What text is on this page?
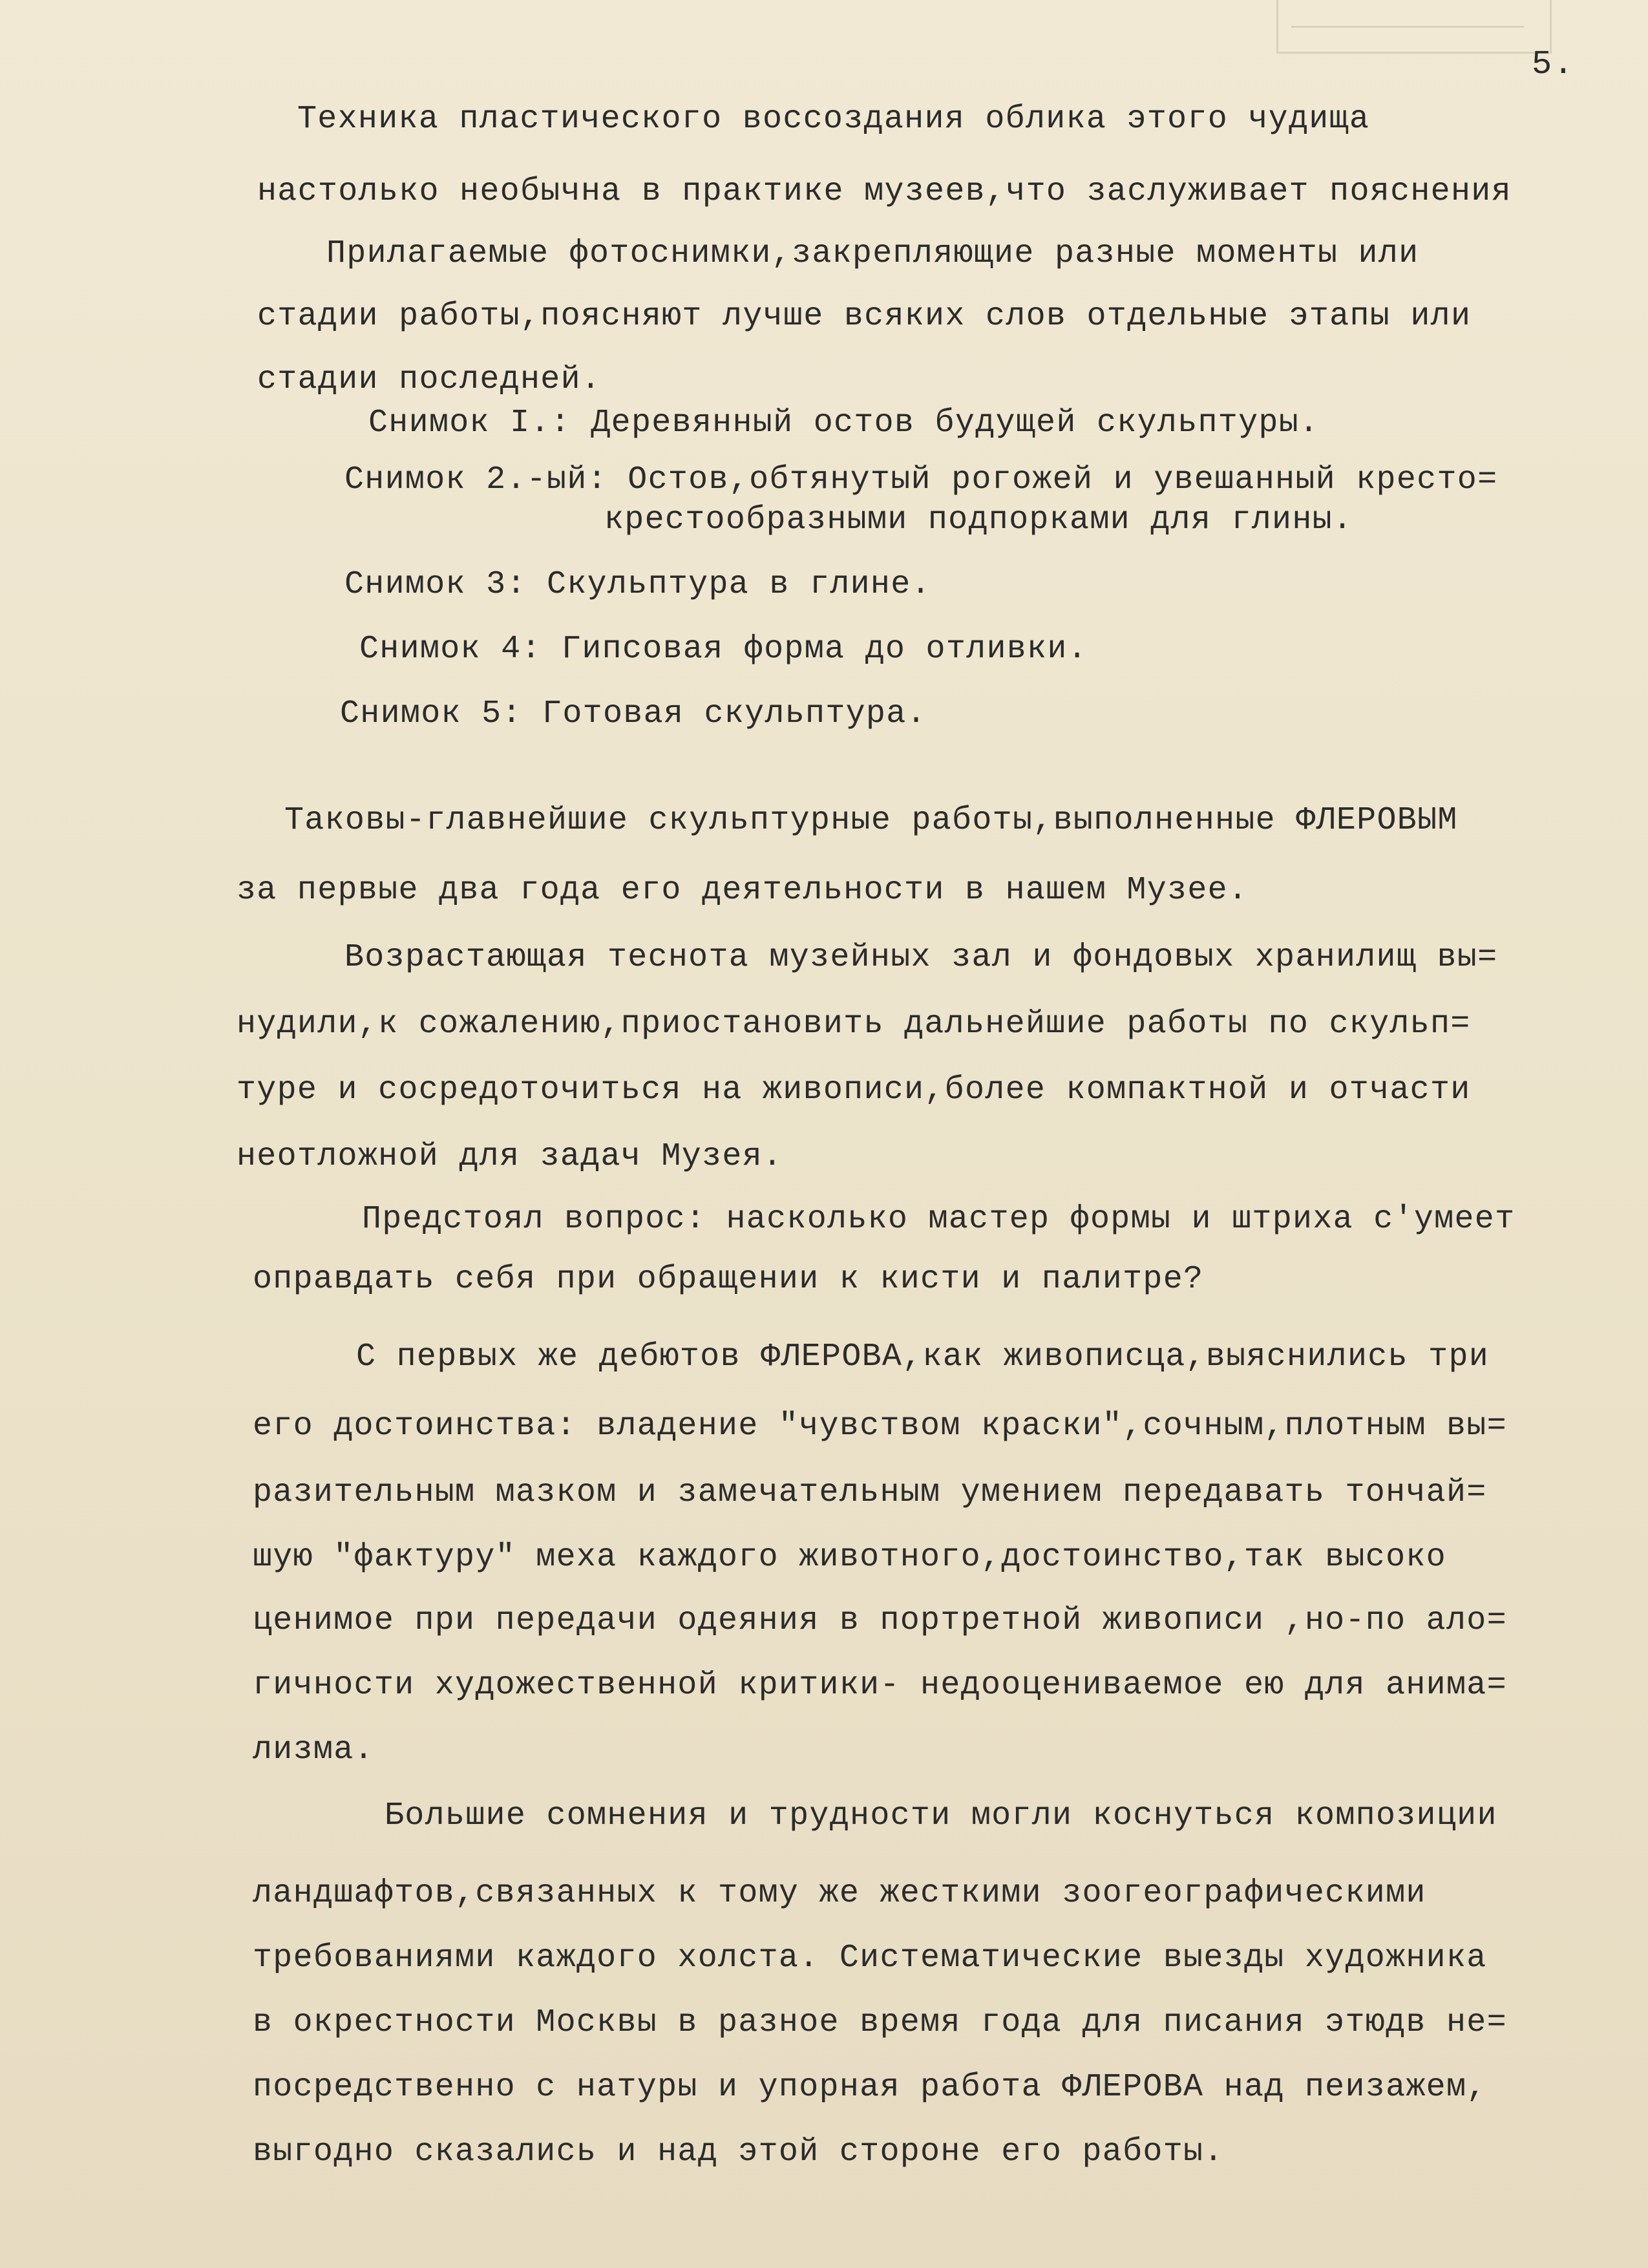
5.
Техника пластического воссоздания облика этого чудища
настолько необычна в практике музеев,что заслуживает пояснения
Прилагаемые фотоснимки,закрепляющие разные моменты или
стадии работы,поясняют лучше всяких слов отдельные этапы или
стадии последней.
Снимок I.: Деревянный остов будущей скульптуры.
Снимок 2.-ый: Остов,обтянутый рогожей и увешанный кресто=
крестообразными подпорками для глины.
Снимок 3: Скульптура в глине.
Снимок 4: Гипсовая форма до отливки.
Снимок 5: Готовая скульптура.
Таковы-главнейшие скульптурные работы,выполненные ФЛЕРОВЫМ
за первые два года его деятельности в нашем Музее.
Возрастающая теснота музейных зал и фондовых хранилищ вы=
нудили,к сожалению,приостановить дальнейшие работы по скульп=
туре и сосредоточиться на живописи,более компактной и отчасти
неотложной для задач Музея.
Предстоял вопрос: насколько мастер формы и штриха с'умеет
оправдать себя при обращении к кисти и палитре?
С первых же дебютов ФЛЕРОВА,как живописца,выяснились три
его достоинства: владение "чувством краски",сочным,плотным вы=
разительным мазком и замечательным умением передавать тончай=
шую "фактуру" меха каждого животного,достоинство,так высоко
ценимое при передачи одеяния в портретной живописи ,но-по ало=
гичности художественной критики- недооцениваемое ею для анима=
лизма.
Большие сомнения и трудности могли коснуться композиции
ландшафтов,связанных к тому же жесткими зоогеографическими
требованиями каждого холста. Систематические выезды художника
в окрестности Москвы в разное время года для писания этюдв не=
посредственно с натуры и упорная работа ФЛЕРОВА над пеизажем,
выгодно сказались и над этой стороне его работы.
